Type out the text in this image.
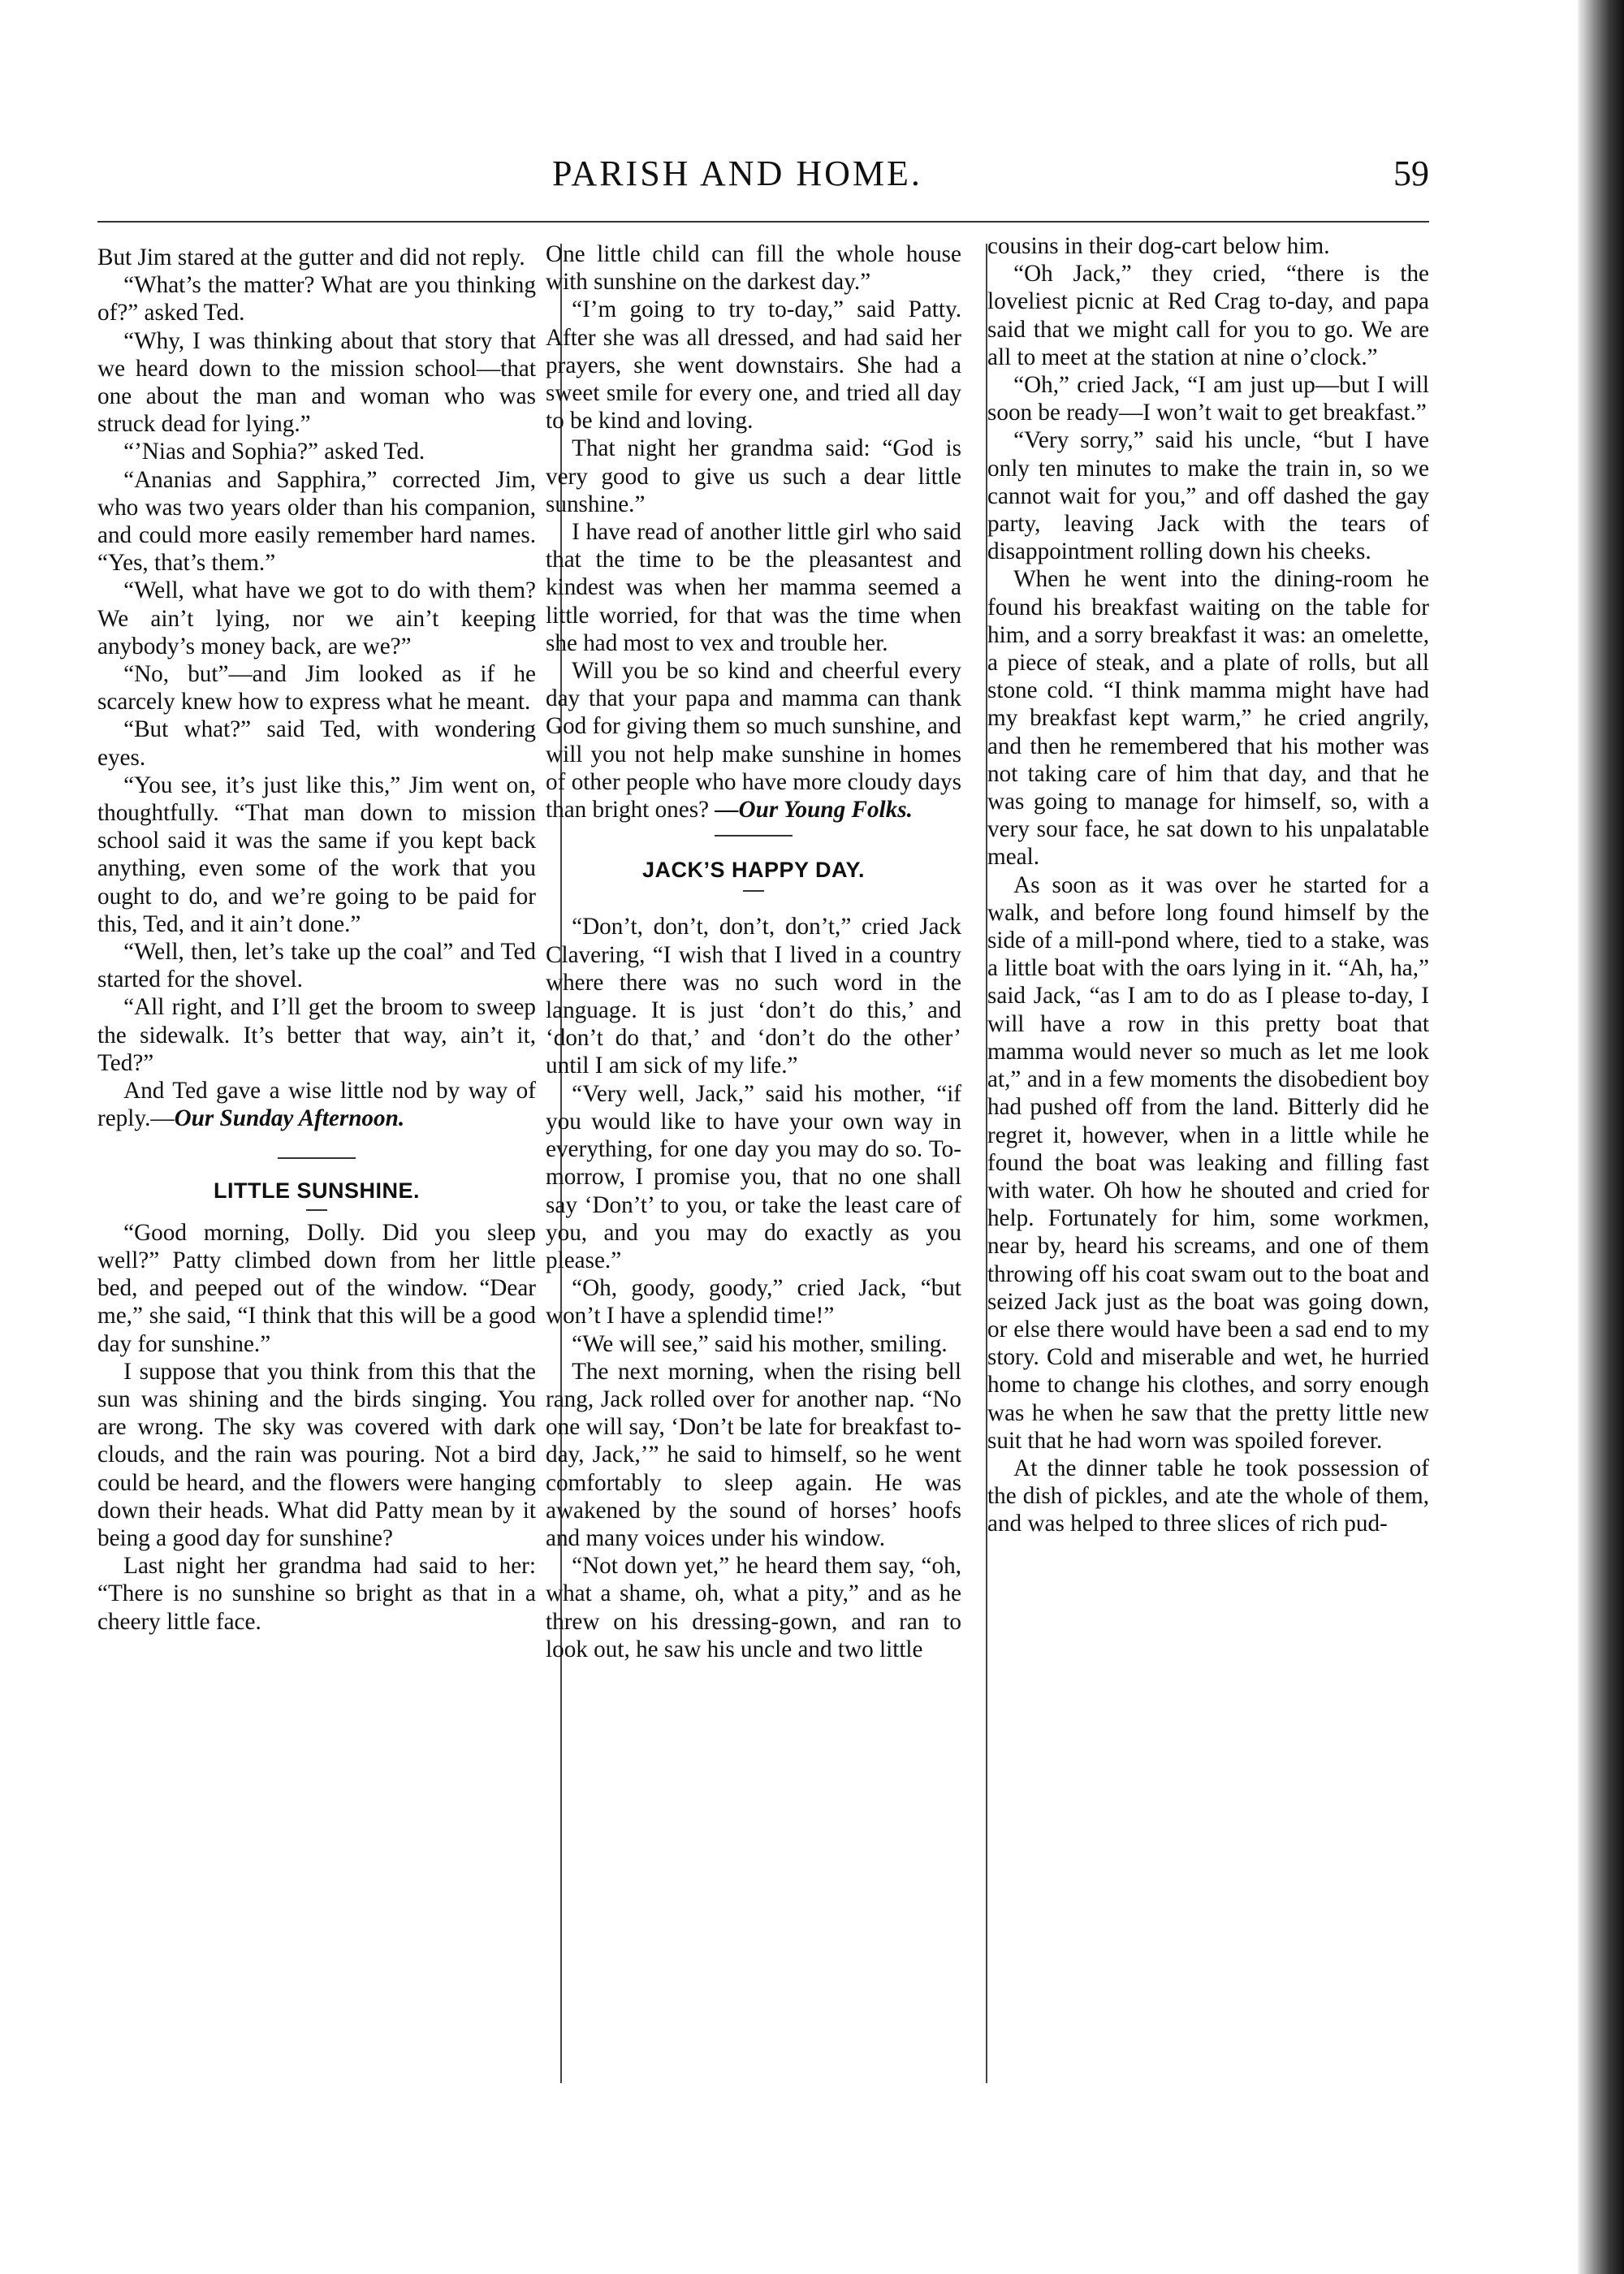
PARISH AND HOME.	59

But Jim stared at the gutter and did not reply.

“What’s the matter? What are you thinking of?” asked Ted.

“Why, I was thinking about that story that we heard down to the mission school—that one about the man and woman who was struck dead for lying.”

“’Nias and Sophia?” asked Ted.

“Ananias and Sapphira,” corrected Jim, who was two years older than his companion, and could more easily remember hard names. “Yes, that’s them.”

“Well, what have we got to do with them? We ain’t lying, nor we ain’t keeping anybody’s money back, are we?”

“No, but”—and Jim looked as if he scarcely knew how to express what he meant.

“But what?” said Ted, with wondering eyes.

“You see, it’s just like this,” Jim went on, thoughtfully. “That man down to mission school said it was the same if you kept back anything, even some of the work that you ought to do, and we’re going to be paid for this, Ted, and it ain’t done.”

“Well, then, let’s take up the coal” and Ted started for the shovel.

“All right, and I’ll get the broom to sweep the sidewalk. It’s better that way, ain’t it, Ted?”

And Ted gave a wise little nod by way of reply.—Our Sunday Afternoon.

LITTLE SUNSHINE.

“Good morning, Dolly. Did you sleep well?” Patty climbed down from her little bed, and peeped out of the window. “Dear me,” she said, “I think that this will be a good day for sunshine.”

I suppose that you think from this that the sun was shining and the birds singing. You are wrong. The sky was covered with dark clouds, and the rain was pouring. Not a bird could be heard, and the flowers were hanging down their heads. What did Patty mean by it being a good day for sunshine?

Last night her grandma had said to her: “There is no sunshine so bright as that in a cheery little face.

One little child can fill the whole house with sunshine on the darkest day.”

“I’m going to try to-day,” said Patty. After she was all dressed, and had said her prayers, she went downstairs. She had a sweet smile for every one, and tried all day to be kind and loving.

That night her grandma said: “God is very good to give us such a dear little sunshine.”

I have read of another little girl who said that the time to be the pleasantest and kindest was when her mamma seemed a little worried, for that was the time when she had most to vex and trouble her.

Will you be so kind and cheerful every day that your papa and mamma can thank God for giving them so much sunshine, and will you not help make sunshine in homes of other people who have more cloudy days than bright ones? —Our Young Folks.

JACK’S HAPPY DAY.

“Don’t, don’t, don’t, don’t,” cried Jack Clavering, “I wish that I lived in a country where there was no such word in the language. It is just ‘don’t do this,’ and ‘don’t do that,’ and ‘don’t do the other’ until I am sick of my life.”

“Very well, Jack,” said his mother, “if you would like to have your own way in everything, for one day you may do so. To-morrow, I promise you, that no one shall say ‘Don’t’ to you, or take the least care of you, and you may do exactly as you please.”

“Oh, goody, goody,” cried Jack, “but won’t I have a splendid time!”

“We will see,” said his mother, smiling.

The next morning, when the rising bell rang, Jack rolled over for another nap. “No one will say, ‘Don’t be late for breakfast to-day, Jack,’” he said to himself, so he went comfortably to sleep again. He was awakened by the sound of horses’ hoofs and many voices under his window.

“Not down yet,” he heard them say, “oh, what a shame, oh, what a pity,” and as he threw on his dressing-gown, and ran to look out, he saw his uncle and two little

cousins in their dog-cart below him.

“Oh Jack,” they cried, “there is the loveliest picnic at Red Crag to-day, and papa said that we might call for you to go. We are all to meet at the station at nine o’clock.”

“Oh,” cried Jack, “I am just up—but I will soon be ready—I won’t wait to get breakfast.”

“Very sorry,” said his uncle, “but I have only ten minutes to make the train in, so we cannot wait for you,” and off dashed the gay party, leaving Jack with the tears of disappointment rolling down his cheeks.

When he went into the dining-room he found his breakfast waiting on the table for him, and a sorry breakfast it was: an omelette, a piece of steak, and a plate of rolls, but all stone cold. “I think mamma might have had my breakfast kept warm,” he cried angrily, and then he remembered that his mother was not taking care of him that day, and that he was going to manage for himself, so, with a very sour face, he sat down to his unpalatable meal.

As soon as it was over he started for a walk, and before long found himself by the side of a mill-pond where, tied to a stake, was a little boat with the oars lying in it. “Ah, ha,” said Jack, “as I am to do as I please to-day, I will have a row in this pretty boat that mamma would never so much as let me look at,” and in a few moments the disobedient boy had pushed off from the land. Bitterly did he regret it, however, when in a little while he found the boat was leaking and filling fast with water. Oh how he shouted and cried for help. Fortunately for him, some workmen, near by, heard his screams, and one of them throwing off his coat swam out to the boat and seized Jack just as the boat was going down, or else there would have been a sad end to my story. Cold and miserable and wet, he hurried home to change his clothes, and sorry enough was he when he saw that the pretty little new suit that he had worn was spoiled forever.

At the dinner table he took possession of the dish of pickles, and ate the whole of them, and was helped to three slices of rich pud-
